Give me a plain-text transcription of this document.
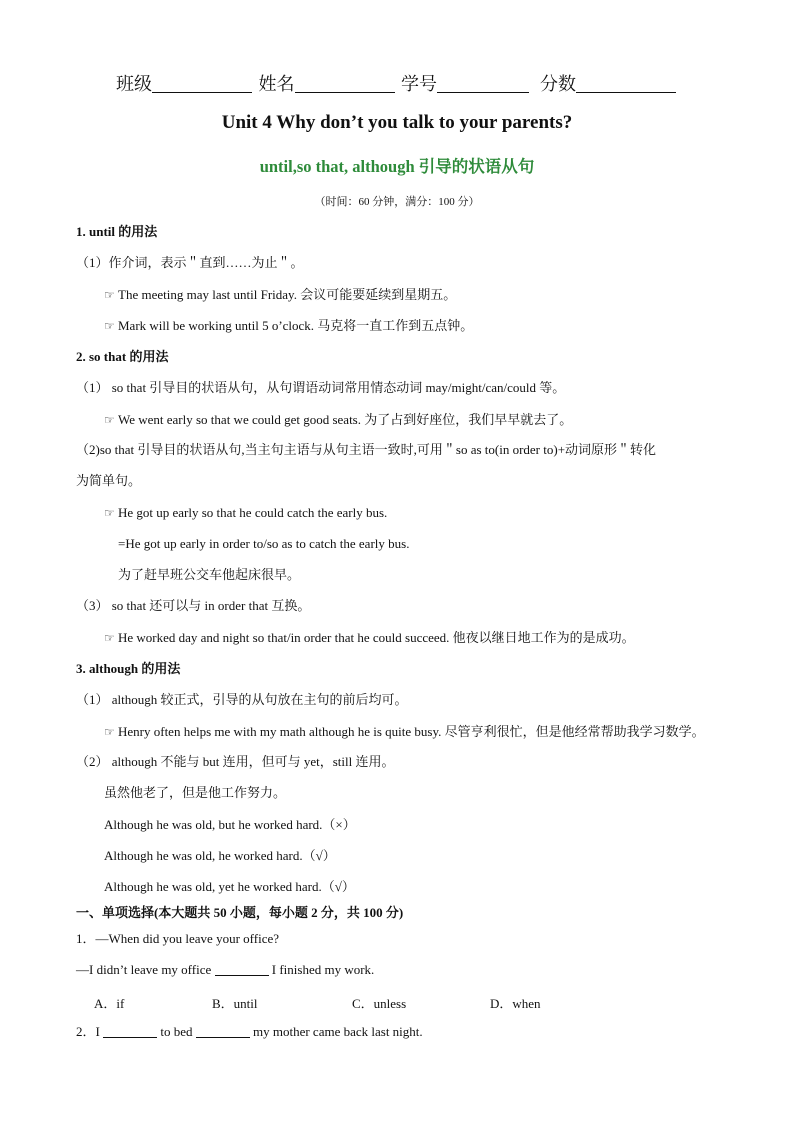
班级	姓名	学号	分数
Unit 4 Why don’t you talk to your parents?
until,so that, although 引导的状语从句
（时间：60 分钟，满分：100 分）
1. until 的用法
（1）作介词，表示＂直到……为止＂。
☞ The meeting may last until Friday. 会议可能要延续到星期五。
☞ Mark will be working until 5 o’clock. 马克将一直工作到五点钟。
2. so that 的用法
（1） so that 引导目的状语从句，从句谓语动词常用情态动词 may/might/can/could 等。
☞ We went early so that we could get good seats. 为了占到好座位，我们早早就去了。
（2)so that 引导目的状语从句,当主句主语与从句主语一致时,可用＂so as to(in order to)+动词原形＂转化
为简单句。
☞ He got up early so that he could catch the early bus.
=He got up early in order to/so as to catch the early bus.
为了赶早班公交车他起床很早。
（3） so that 还可以与 in order that 互换。
☞ He worked day and night so that/in order that he could succeed. 他夜以继日地工作为的是成功。
3. although 的用法
（1） although 较正式，引导的从句放在主句的前后均可。
☞ Henry often helps me with my math although he is quite busy. 尽管亨利很忙，但是他经常帮助我学习数学。
（2） although 不能与 but 连用，但可与 yet，still 连用。
虽然他老了，但是他工作努力。
Although he was old, but he worked hard.（×）
Although he was old, he worked hard.（√）
Although he was old, yet he worked hard.（√）
一、单项选择(本大题共 50 小题，每小题 2 分，共 100 分)
1．—When did you leave your office?
—I didn’t leave my office	I finished my work.
A．if	B．until	C．unless	D．when
2．I	to bed	my mother came back last night.
